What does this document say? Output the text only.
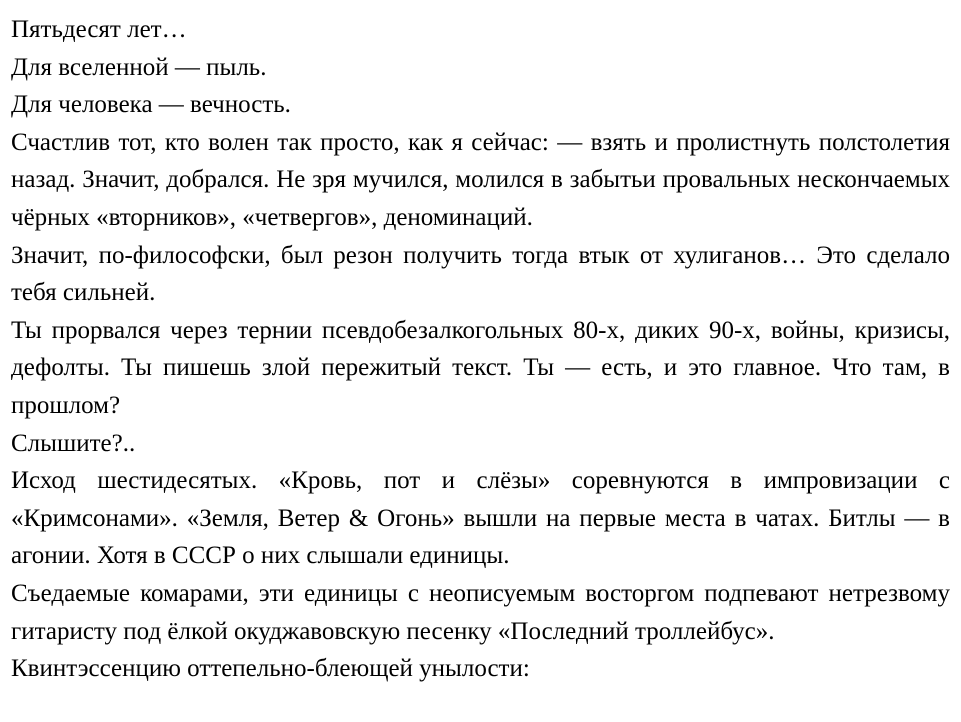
Пятьдесят лет…

Для вселенной — пыль.

Для человека — вечность.

Счастлив тот, кто волен так просто, как я сейчас: — взять и пролистнуть полстолетия назад. Значит, добрался. Не зря мучился, молился в забытьи провальных нескончаемых чёрных «вторников», «четвергов», деноминаций.

Значит, по-философски, был резон получить тогда втык от хулиганов… Это сделало тебя сильней.

Ты прорвался через тернии псевдобезалкогольных 80-х, диких 90-х, войны, кризисы, дефолты. Ты пишешь злой пережитый текст. Ты — есть, и это главное. Что там, в прошлом?

Слышите?..

Исход шестидесятых. «Кровь, пот и слёзы» соревнуются в импровизации с «Кримсонами». «Земля, Ветер & Огонь» вышли на первые места в чатах. Битлы — в агонии. Хотя в СССР о них слышали единицы.

Съедаемые комарами, эти единицы с неописуемым восторгом подпевают нетрезвому гитаристу под ёлкой окуджавовскую песенку «Последний троллейбус».

Квинтэссенцию оттепельно-блеющей унылости:
